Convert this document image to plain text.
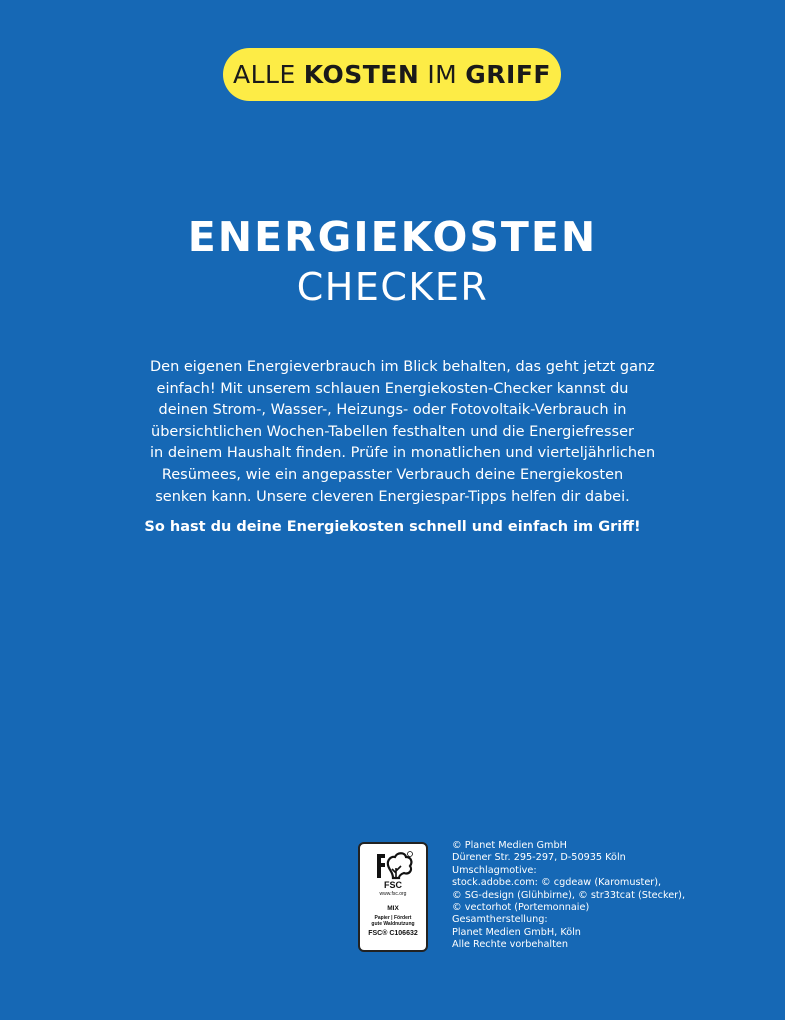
ALLE KOSTEN IM GRIFF
ENERGIEKOSTEN
CHECKER
Den eigenen Energieverbrauch im Blick behalten, das geht jetzt ganz
einfach! Mit unserem schlauen Energiekosten-Checker kannst du
deinen Strom-, Wasser-, Heizungs- oder Fotovoltaik-Verbrauch in
übersichtlichen Wochen-Tabellen festhalten und die Energiefresser
in deinem Haushalt finden. Prüfe in monatlichen und vierteljährlichen
Resümees, wie ein angepasster Verbrauch deine Energiekosten
senken kann. Unsere cleveren Energiespar-Tipps helfen dir dabei.
So hast du deine Energiekosten schnell und einfach im Griff!
FSC
www.fsc.org
MIX
Papier | Fördert
gute Waldnutzung
FSC® C106632
© Planet Medien GmbH
Dürener Str. 295-297, D-50935 Köln
Umschlagmotive:
stock.adobe.com: © cgdeaw (Karomuster),
© SG-design (Glühbirne), © str33tcat (Stecker),
© vectorhot (Portemonnaie)
Gesamtherstellung:
Planet Medien GmbH, Köln
Alle Rechte vorbehalten
